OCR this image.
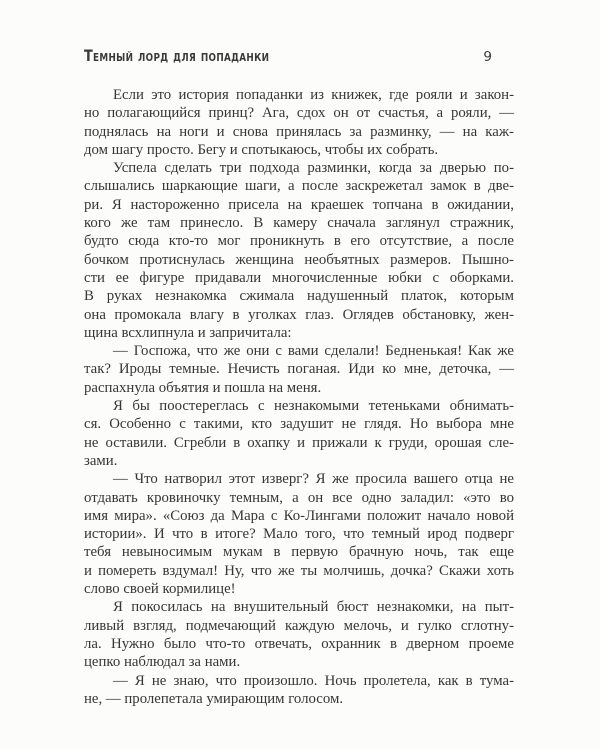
Темный лорд для попаданки	9
Если это история попаданки из книжек, где рояли и закон-
но полагающийся принц? Ага, сдох он от счастья, а рояли, —
поднялась на ноги и снова принялась за разминку, — на каж-
дом шагу просто. Бегу и спотыкаюсь, чтобы их собрать.
Успела сделать три подхода разминки, когда за дверью по-
слышались шаркающие шаги, а после заскрежетал замок в две-
ри. Я настороженно присела на краешек топчана в ожидании,
кого же там принесло. В камеру сначала заглянул стражник,
будто сюда кто-то мог проникнуть в его отсутствие, а после
бочком протиснулась женщина необъятных размеров. Пышно-
сти ее фигуре придавали многочисленные юбки с оборками.
В руках незнакомка сжимала надушенный платок, которым
она промокала влагу в уголках глаз. Оглядев обстановку, жен-
щина всхлипнула и запричитала:
— Госпожа, что же они с вами сделали! Бедненькая! Как же
так? Ироды темные. Нечисть поганая. Иди ко мне, деточка, —
распахнула объятия и пошла на меня.
Я бы поостереглась с незнакомыми тетеньками обнимать-
ся. Особенно с такими, кто задушит не глядя. Но выбора мне
не оставили. Сгребли в охапку и прижали к груди, орошая сле-
зами.
— Что натворил этот изверг? Я же просила вашего отца не
отдавать кровиночку темным, а он все одно заладил: «это во
имя мира». «Союз да Мара с Ко-Лингами положит начало новой
истории». И что в итоге? Мало того, что темный ирод подверг
тебя невыносимым мукам в первую брачную ночь, так еще
и помереть вздумал! Ну, что же ты молчишь, дочка? Скажи хоть
слово своей кормилице!
Я покосилась на внушительный бюст незнакомки, на пыт-
ливый взгляд, подмечающий каждую мелочь, и гулко сглотну-
ла. Нужно было что-то отвечать, охранник в дверном проеме
цепко наблюдал за нами.
— Я не знаю, что произошло. Ночь пролетела, как в тума-
не, — пролепетала умирающим голосом.
